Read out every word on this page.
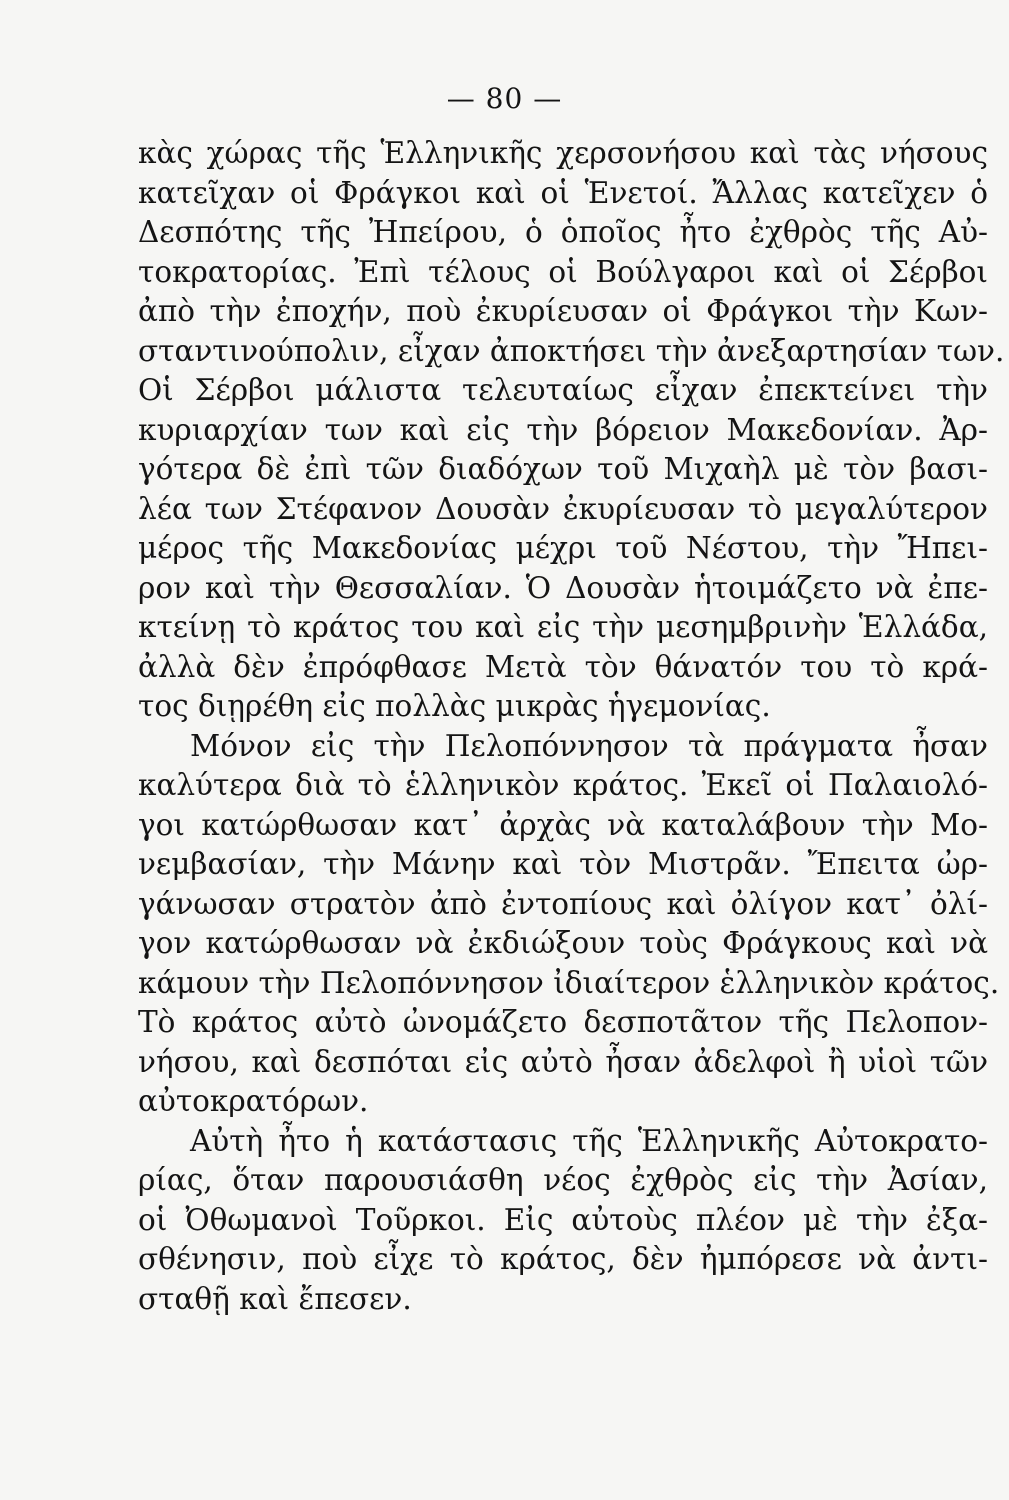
— 80 —
κὰς χώρας τῆς Ἑλληνικῆς χερσονήσου καὶ τὰς νήσους
κατεῖχαν οἱ Φράγκοι καὶ οἱ Ἑνετοί. Ἄλλας κατεῖχεν ὁ
Δεσπότης τῆς Ἠπείρου, ὁ ὁποῖος ἦτο ἐχθρὸς τῆς Αὐ-
τοκρατορίας. Ἐπὶ τέλους οἱ Βούλγαροι καὶ οἱ Σέρβοι
ἀπὸ τὴν ἐποχήν, ποὺ ἐκυρίευσαν οἱ Φράγκοι τὴν Κων-
σταντινούπολιν, εἶχαν ἀποκτήσει τὴν ἀνεξαρτησίαν των.
Οἱ Σέρβοι μάλιστα τελευταίως εἶχαν ἐπεκτείνει τὴν
κυριαρχίαν των καὶ εἰς τὴν βόρειον Μακεδονίαν. Ἀρ-
γότερα δὲ ἐπὶ τῶν διαδόχων τοῦ Μιχαὴλ μὲ τὸν βασι-
λέα των Στέφανον Δουσὰν ἐκυρίευσαν τὸ μεγαλύτερον
μέρος τῆς Μακεδονίας μέχρι τοῦ Νέστου, τὴν Ἤπει-
ρον καὶ τὴν Θεσσαλίαν. Ὁ Δουσὰν ἡτοιμάζετο νὰ ἐπε-
κτείνῃ τὸ κράτος του καὶ εἰς τὴν μεσημβρινὴν Ἑλλάδα,
ἀλλὰ δὲν ἐπρόφθασε Μετὰ τὸν θάνατόν του τὸ κρά-
τος διῃρέθη εἰς πολλὰς μικρὰς ἡγεμονίας.
Μόνον εἰς τὴν Πελοπόννησον τὰ πράγματα ἦσαν
καλύτερα διὰ τὸ ἑλληνικὸν κράτος. Ἐκεῖ οἱ Παλαιολό-
γοι κατώρθωσαν κατ᾽ ἀρχὰς νὰ καταλάβουν τὴν Μο-
νεμβασίαν, τὴν Μάνην καὶ τὸν Μιστρᾶν. Ἔπειτα ὠρ-
γάνωσαν στρατὸν ἀπὸ ἐντοπίους καὶ ὀλίγον κατ᾽ ὀλί-
γον κατώρθωσαν νὰ ἐκδιώξουν τοὺς Φράγκους καὶ νὰ
κάμουν τὴν Πελοπόννησον ἰδιαίτερον ἑλληνικὸν κράτος.
Τὸ κράτος αὐτὸ ὠνομάζετο δεσποτᾶτον τῆς Πελοπον-
νήσου, καὶ δεσπόται εἰς αὐτὸ ἦσαν ἀδελφοὶ ἢ υἱοὶ τῶν
αὐτοκρατόρων.
Αὐτὴ ἦτο ἡ κατάστασις τῆς Ἑλληνικῆς Αὐτοκρατο-
ρίας, ὅταν παρουσιάσθη νέος ἐχθρὸς εἰς τὴν Ἀσίαν,
οἱ Ὀθωμανοὶ Τοῦρκοι. Εἰς αὐτοὺς πλέον μὲ τὴν ἐξα-
σθένησιν, ποὺ εἶχε τὸ κράτος, δὲν ἠμπόρεσε νὰ ἀντι-
σταθῇ καὶ ἔπεσεν.
